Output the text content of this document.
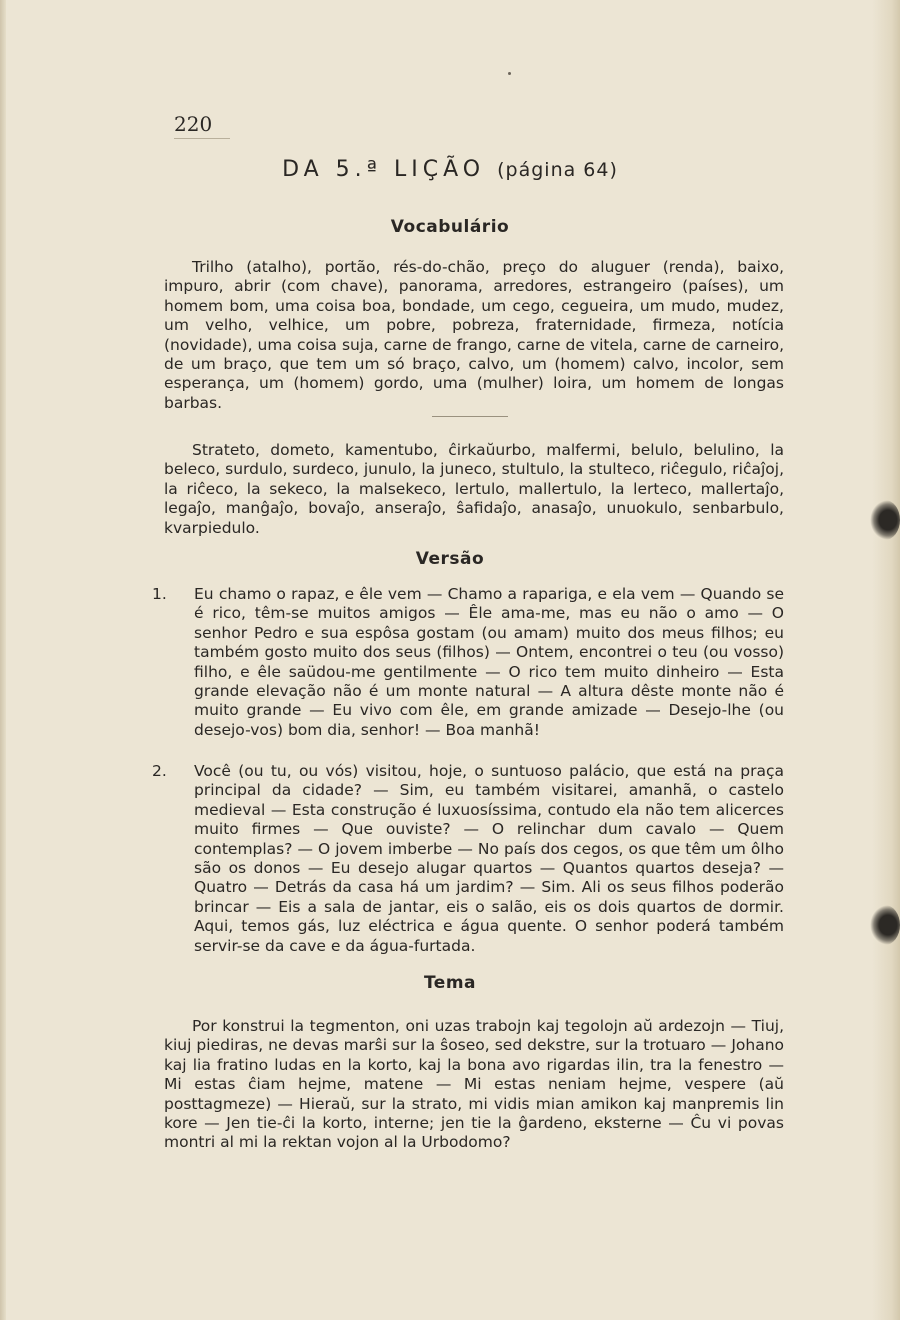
220
DA 5.ª LIÇÃO (página 64)
Vocabulário
Trilho (atalho), portão, rés-do-chão, preço do aluguer (renda), baixo, impuro, abrir (com chave), panorama, arredores, estrangeiro (países), um homem bom, uma coisa boa, bondade, um cego, cegueira, um mudo, mudez, um velho, velhice, um pobre, pobreza, fraternidade, firmeza, notícia (novidade), uma coisa suja, carne de frango, carne de vitela, carne de carneiro, de um braço, que tem um só braço, calvo, um (homem) calvo, incolor, sem esperança, um (homem) gordo, uma (mulher) loira, um homem de longas barbas.
Strateto, dometo, kamentubo, ĉirkaŭurbo, malfermi, belulo, belulino, la beleco, surdulo, surdeco, junulo, la juneco, stultulo, la stulteco, riĉegulo, riĉaĵoj, la riĉeco, la sekeco, la malsekeco, lertulo, mallertulo, la lerteco, mallertaĵo, legaĵo, manĝaĵo, bovaĵo, anseraĵo, ŝafidaĵo, anasaĵo, unuokulo, senbarbulo, kvarpiedulo.
Versão
1. Eu chamo o rapaz, e êle vem — Chamo a rapariga, e ela vem — Quando se é rico, têm-se muitos amigos — Êle ama-me, mas eu não o amo — O senhor Pedro e sua espôsa gostam (ou amam) muito dos meus filhos; eu também gosto muito dos seus (filhos) — Ontem, encontrei o teu (ou vosso) filho, e êle saüdou-me gentilmente — O rico tem muito dinheiro — Esta grande elevação não é um monte natural — A altura dêste monte não é muito grande — Eu vivo com êle, em grande amizade — Desejo-lhe (ou desejo-vos) bom dia, senhor! — Boa manhã!
2. Você (ou tu, ou vós) visitou, hoje, o suntuoso palácio, que está na praça principal da cidade? — Sim, eu também visitarei, amanhã, o castelo medieval — Esta construção é luxuosíssima, contudo ela não tem alicerces muito firmes — Que ouviste? — O relinchar dum cavalo — Quem contemplas? — O jovem imberbe — No país dos cegos, os que têm um ôlho são os donos — Eu desejo alugar quartos — Quantos quartos deseja? — Quatro — Detrás da casa há um jardim? — Sim. Ali os seus filhos poderão brincar — Eis a sala de jantar, eis o salão, eis os dois quartos de dormir. Aqui, temos gás, luz eléctrica e água quente. O senhor poderá também servir-se da cave e da água-furtada.
Tema
Por konstrui la tegmenton, oni uzas trabojn kaj tegolojn aŭ ardezojn — Tiuj, kiuj piediras, ne devas marŝi sur la ŝoseo, sed dekstre, sur la trotuaro — Johano kaj lia fratino ludas en la korto, kaj la bona avo rigardas ilin, tra la fenestro — Mi estas ĉiam hejme, matene — Mi estas neniam hejme, vespere (aŭ posttagmeze) — Hieraŭ, sur la strato, mi vidis mian amikon kaj manpremis lin kore — Jen tie-ĉi la korto, interne; jen tie la ĝardeno, eksterne — Ĉu vi povas montri al mi la rektan vojon al la Urbodomo?
